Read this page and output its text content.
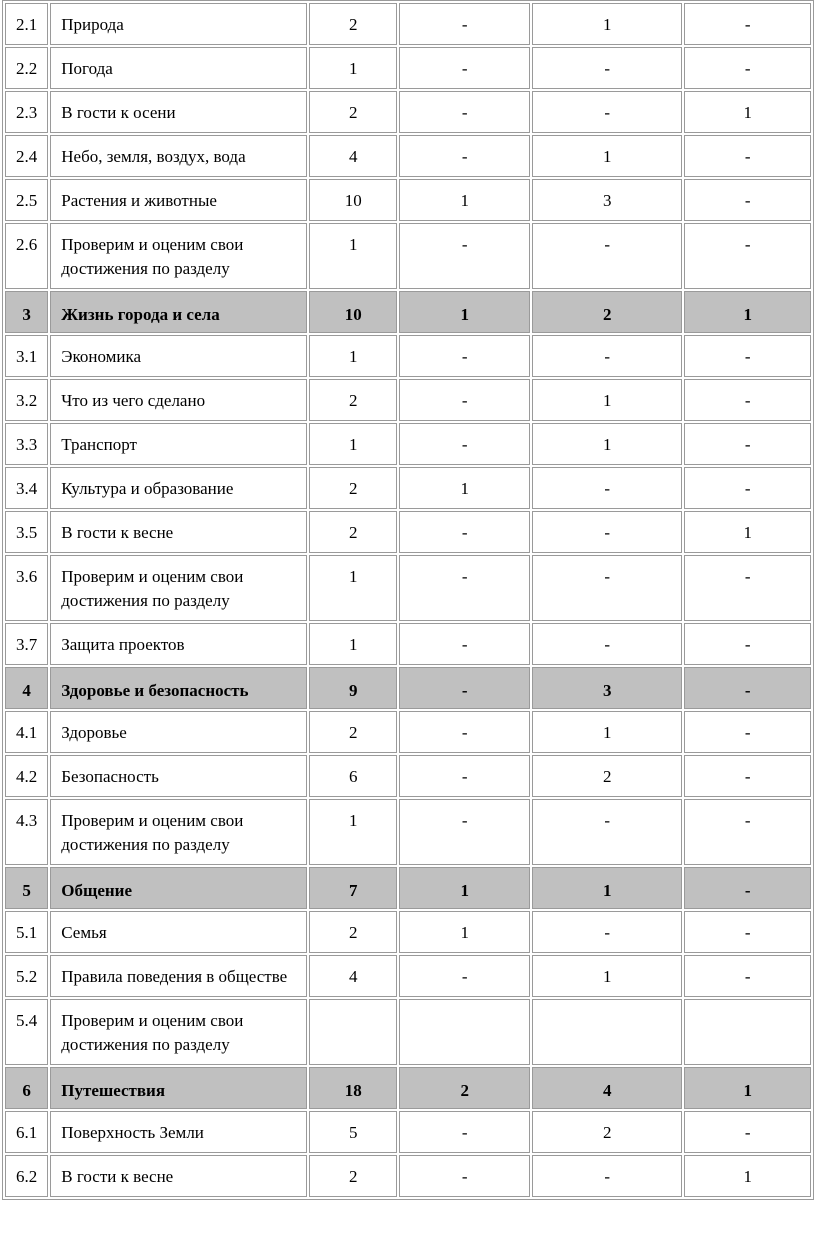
2.1	Природа	2	-	1	-
2.2	Погода	1	-	-	-
2.3	В гости к осени	2	-	-	1
2.4	Небо, земля, воздух, вода	4	-	1	-
2.5	Растения и животные	10	1	3	-
2.6	Проверим и оценим свои достижения по разделу	1	-	-	-
3	Жизнь города и села	10	1	2	1
3.1	Экономика	1	-	-	-
3.2	Что из чего сделано	2	-	1	-
3.3	Транспорт	1	-	1	-
3.4	Культура и образование	2	1	-	-
3.5	В гости к весне	2	-	-	1
3.6	Проверим и оценим свои достижения по разделу	1	-	-	-
3.7	Защита проектов	1	-	-	-
4	Здоровье и безопасность	9	-	3	-
4.1	Здоровье	2	-	1	-
4.2	Безопасность	6	-	2	-
4.3	Проверим и оценим свои достижения по разделу	1	-	-	-
5	Общение	7	1	1	-
5.1	Семья	2	1	-	-
5.2	Правила поведения в обществе	4	-	1	-
5.4	Проверим и оценим свои достижения по разделу				
6	Путешествия	18	2	4	1
6.1	Поверхность Земли	5	-	2	-
6.2	В гости к весне	2	-	-	1
